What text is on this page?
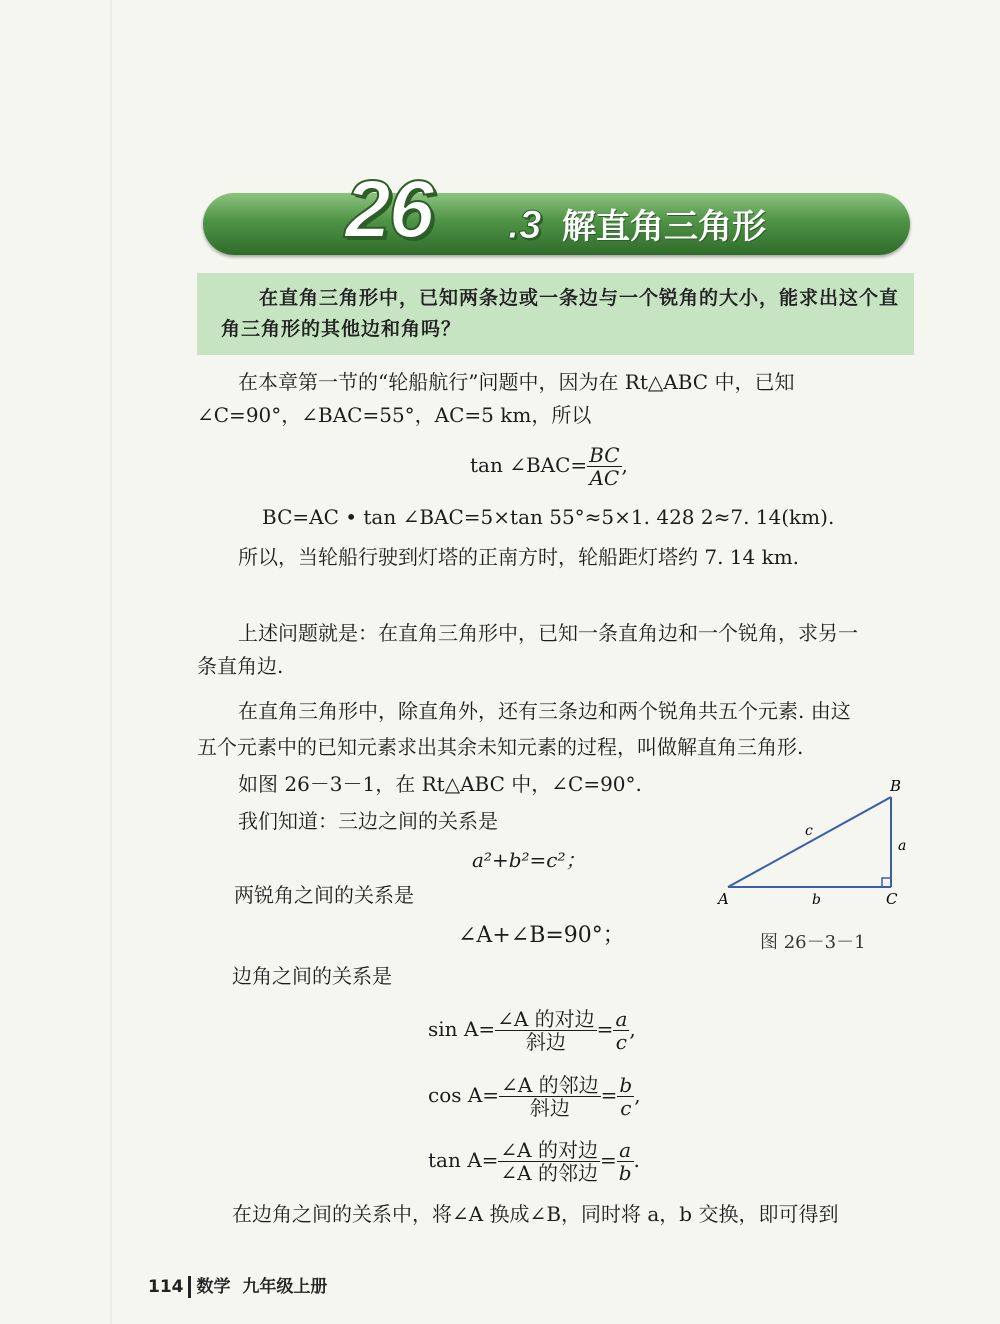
26 .3 解直角三角形
在直角三角形中，已知两条边或一条边与一个锐角的大小，能求出这个直角三角形的其他边和角吗？
在本章第一节的“轮船航行”问题中，因为在 Rt△ABC 中，已知
∠C=90°，∠BAC=55°，AC=5 km，所以
tan ∠BAC= $\frac{BC}{AC}$ ,
BC=AC • tan ∠BAC=5×tan 55°≈5×1. 428 2≈7. 14(km).
所以，当轮船行驶到灯塔的正南方时，轮船距灯塔约 7. 14 km.
上述问题就是：在直角三角形中，已知一条直角边和一个锐角，求另一
条直角边.
在直角三角形中，除直角外，还有三条边和两个锐角共五个元素. 由这
五个元素中的已知元素求出其余未知元素的过程，叫做解直角三角形.
如图 26－3－1，在 Rt△ABC 中，∠C=90°.
我们知道：三边之间的关系是
a²+b²=c²；
两锐角之间的关系是
∠A+∠B=90°；
边角之间的关系是
$\sin A= \frac{\text{∠A 的对边}}{\text{斜边}} = \frac{a}{c}$ ,
$\cos A= \frac{\text{∠A 的邻边}}{\text{斜边}} = \frac{b}{c}$ ,
$\tan A= \frac{\text{∠A 的对边}}{\text{∠A 的邻边}} = \frac{a}{b}$ .
在边角之间的关系中，将∠A 换成∠B，同时将 a，b 交换，即可得到
A
B
C
a
b
c
图 26－3－1
114 数学 九年级上册
